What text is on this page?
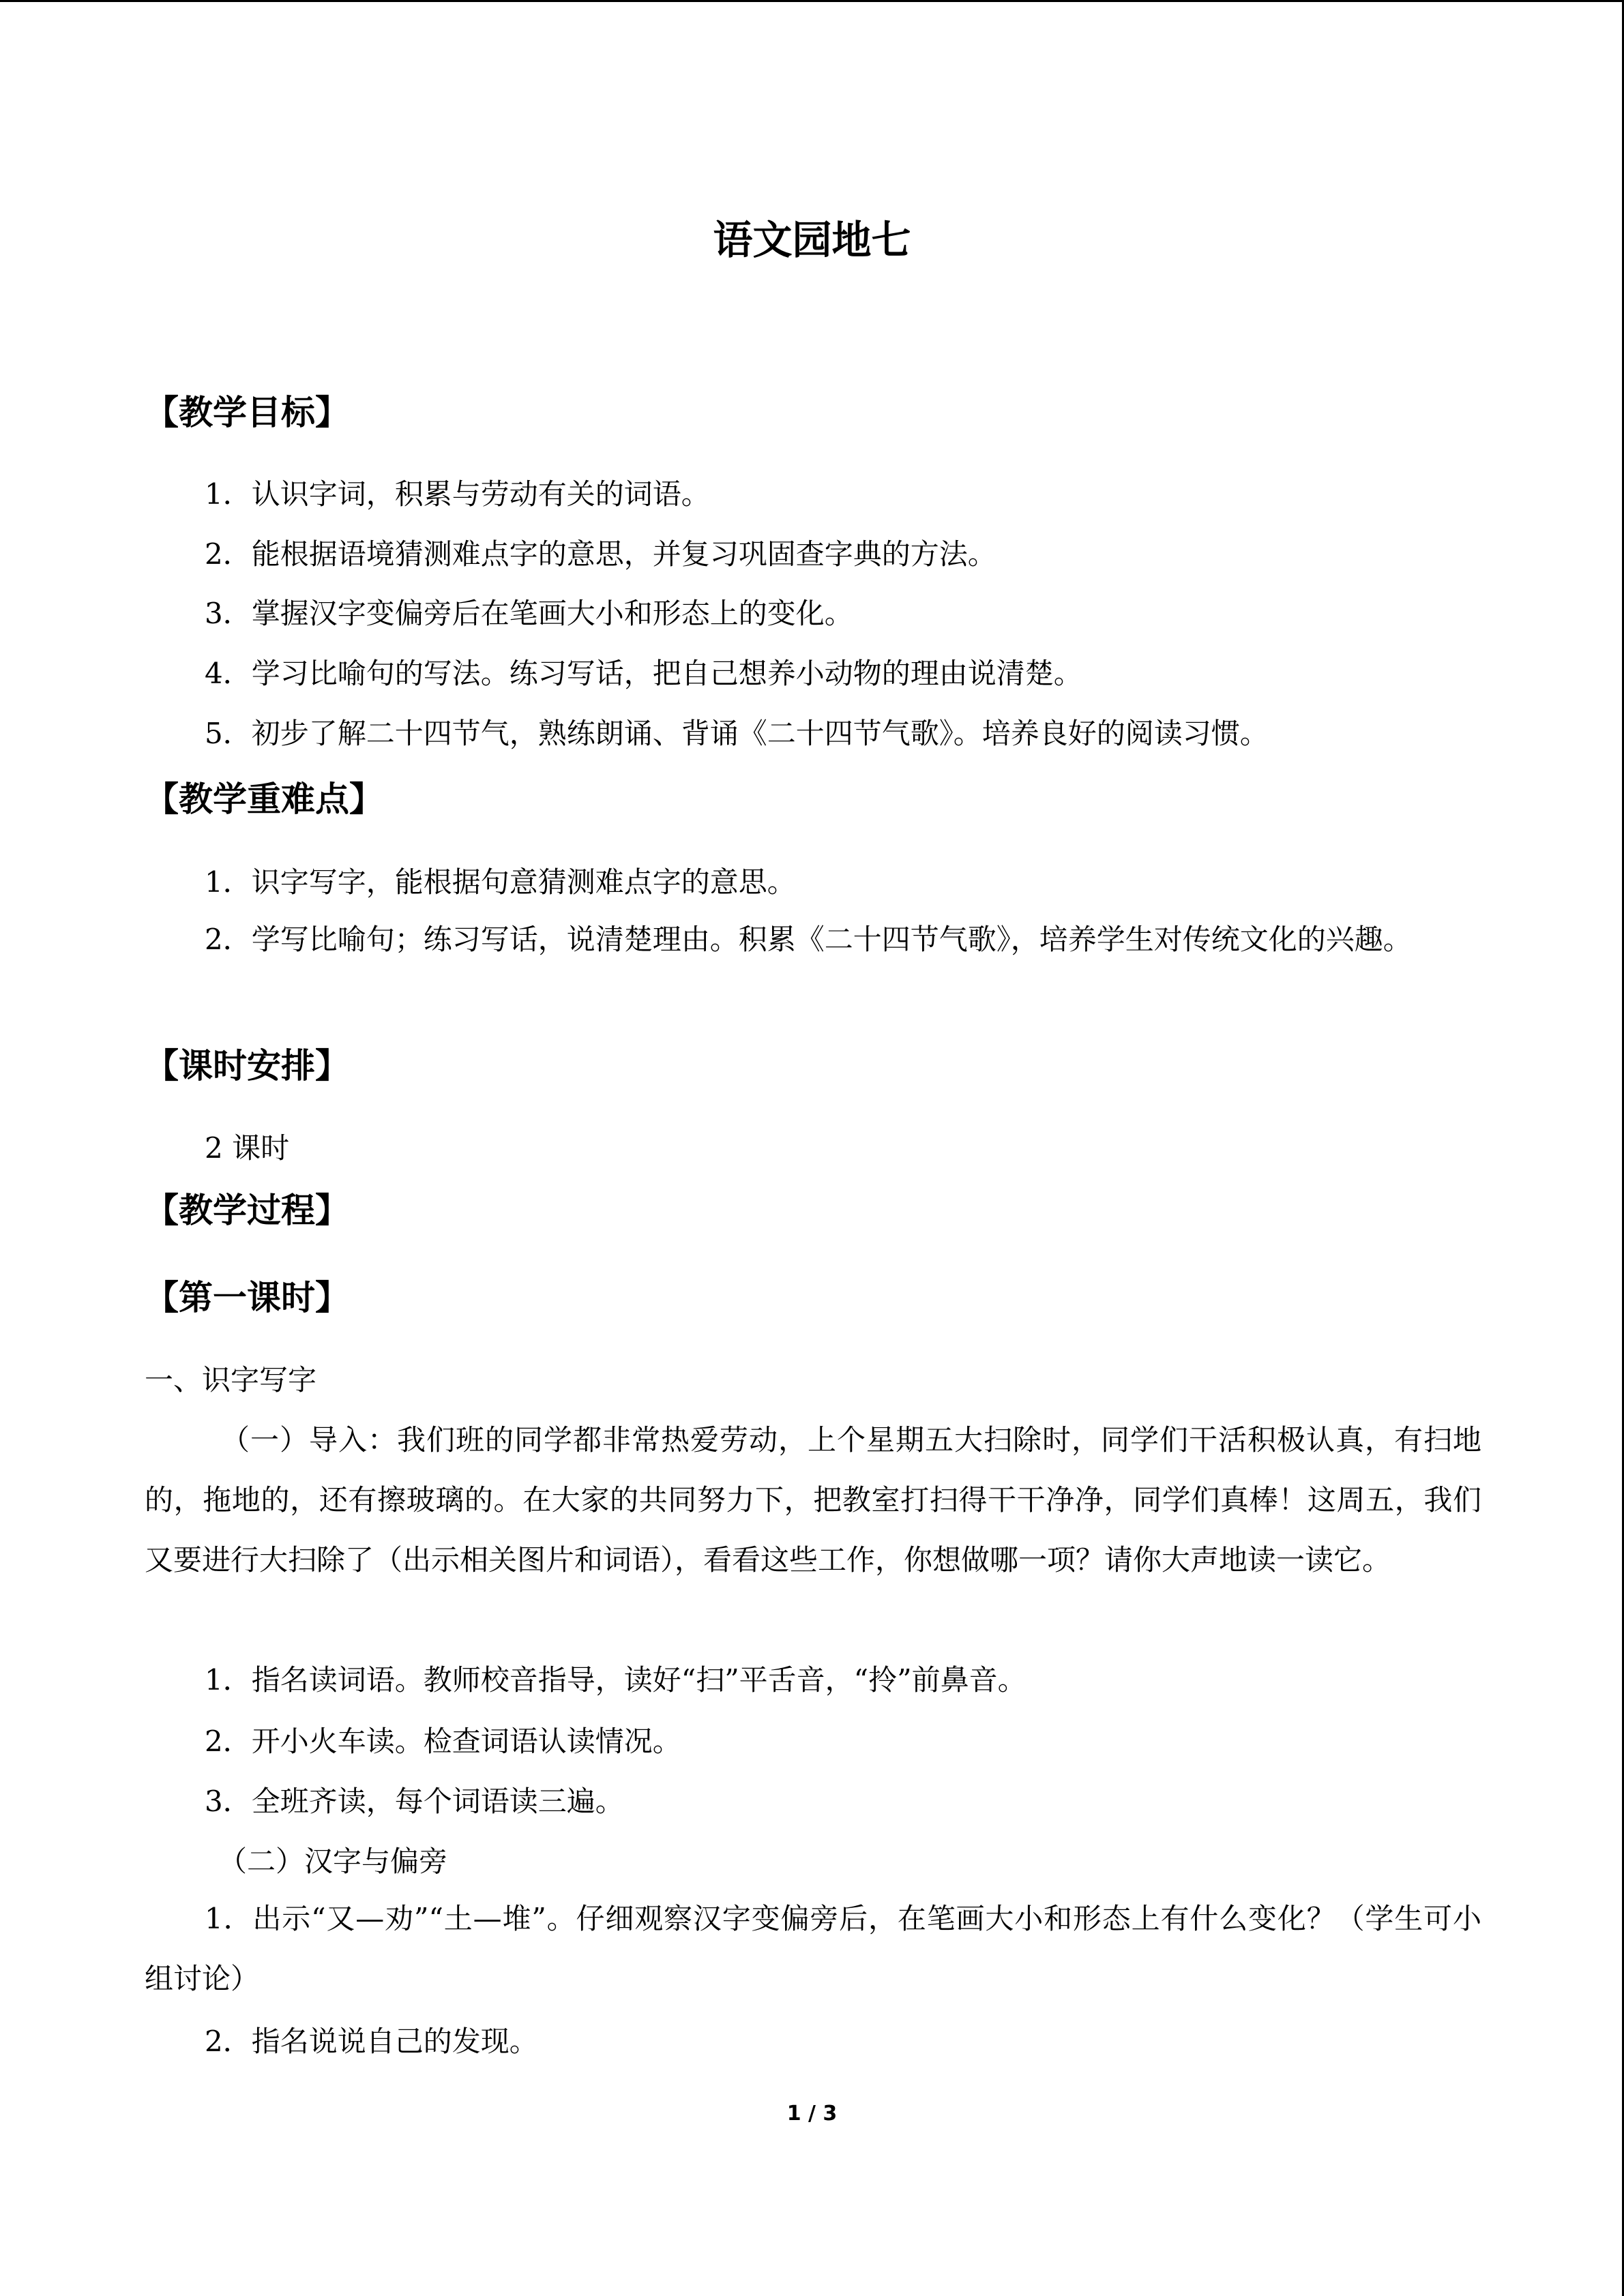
语文园地七
【教学目标】
1．认识字词，积累与劳动有关的词语。
2．能根据语境猜测难点字的意思，并复习巩固查字典的方法。
3．掌握汉字变偏旁后在笔画大小和形态上的变化。
4．学习比喻句的写法。练习写话，把自己想养小动物的理由说清楚。
5．初步了解二十四节气，熟练朗诵、背诵《二十四节气歌》。培养良好的阅读习惯。
【教学重难点】
1．识字写字，能根据句意猜测难点字的意思。
2．学写比喻句；练习写话，说清楚理由。积累《二十四节气歌》，培养学生对传统文化的兴趣。
【课时安排】
2 课时
【教学过程】
【第一课时】
一、识字写字
（一）导入：我们班的同学都非常热爱劳动，上个星期五大扫除时，同学们干活积极认真，有扫地的，拖地的，还有擦玻璃的。在大家的共同努力下，把教室打扫得干干净净，同学们真棒！这周五，我们又要进行大扫除了（出示相关图片和词语），看看这些工作，你想做哪一项？请你大声地读一读它。
1．指名读词语。教师校音指导，读好“扫”平舌音，“拎”前鼻音。
2．开小火车读。检查词语认读情况。
3．全班齐读，每个词语读三遍。
（二）汉字与偏旁
1．出示“又—劝”“土—堆”。仔细观察汉字变偏旁后，在笔画大小和形态上有什么变化？（学生可小组讨论）
2．指名说说自己的发现。
1 / 3
